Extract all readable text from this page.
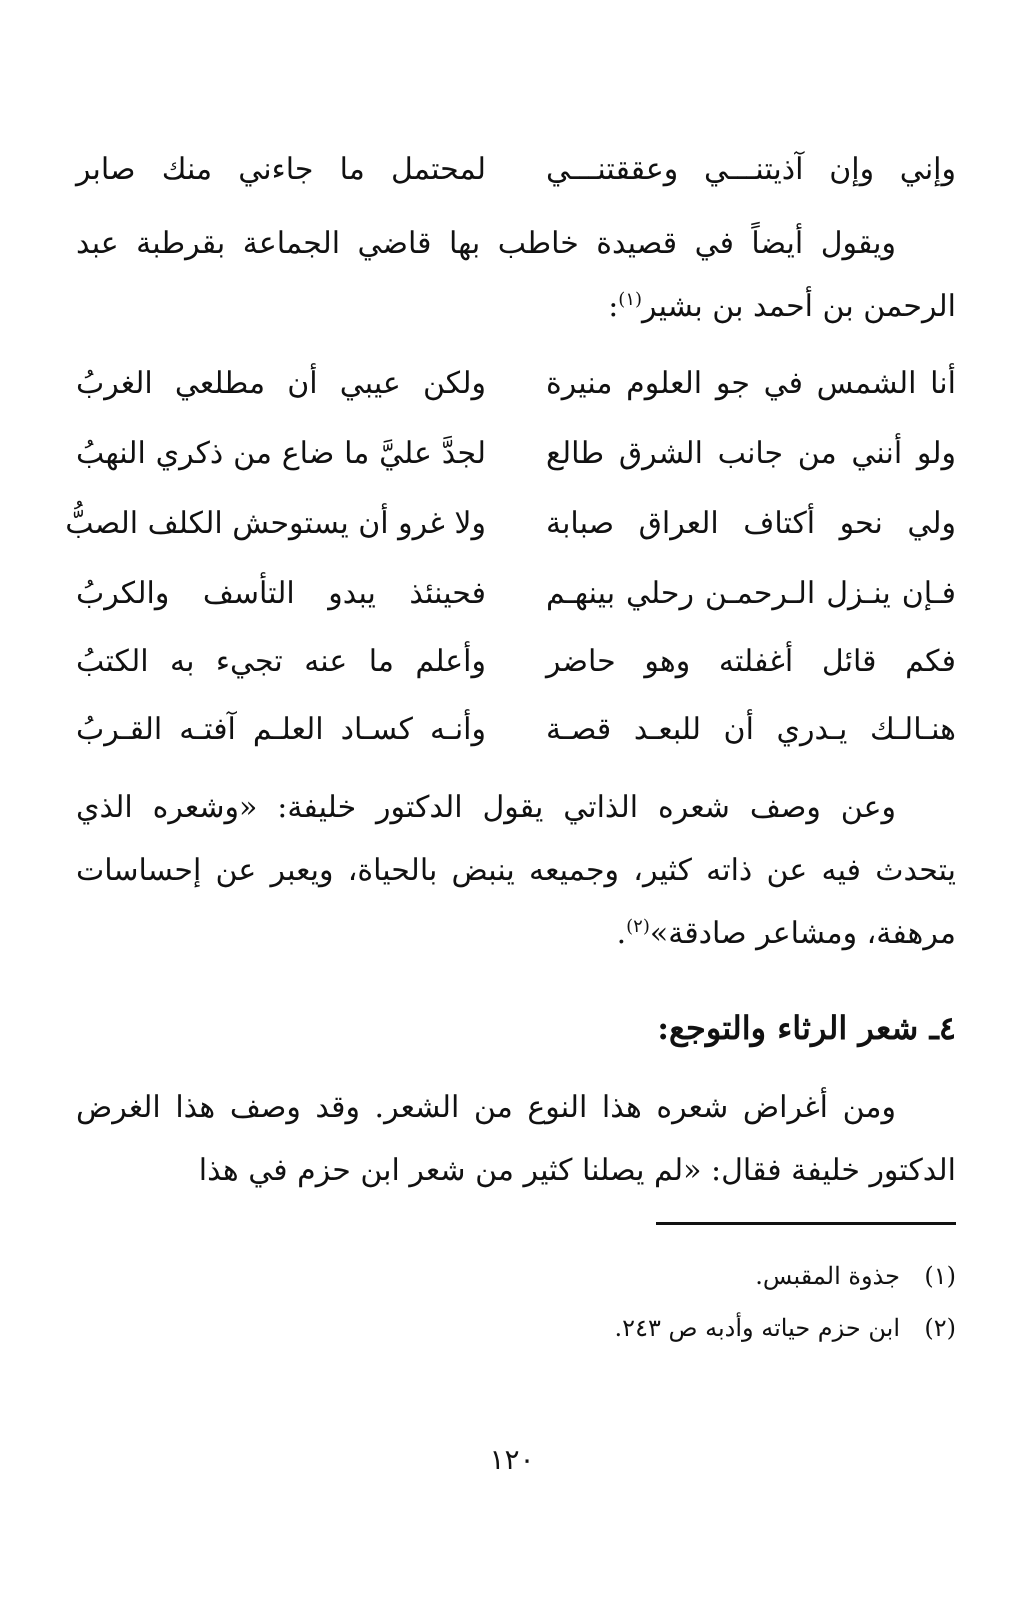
وإني وإن آذيتنـــي وعققتنـــي
لمحتمل ما جاءني منك صابر

ويقول أيضاً في قصيدة خاطب بها قاضي الجماعة بقرطبة عبد الرحمن بن أحمد بن بشير$^{(١)}$:

أنا الشمس في جو العلوم منيرة
ولكن عيبي أن مطلعي الغربُ
ولو أنني من جانب الشرق طالع
لجدَّ عليَّ ما ضاع من ذكري النهبُ
ولي نحو أكتاف العراق صبابة
ولا غرو أن يستوحش الكلف الصبُّ
فـإن ينـزل الـرحمـن رحلي بينهـم
فحينئذ يبدو التأسف والكربُ
فكم قائل أغفلته وهو حاضر
وأعلم ما عنه تجيء به الكتبُ
هنـالـك يـدري أن للبعـد قصـة
وأنـه كسـاد العلـم آفتـه القـربُ

وعن وصف شعره الذاتي يقول الدكتور خليفة: «وشعره الذي يتحدث فيه عن ذاته كثير، وجميعه ينبض بالحياة، ويعبر عن إحساسات مرهفة، ومشاعر صادقة»$^{(٢)}$.

٤ـ شعر الرثاء والتوجع:

ومن أغراض شعره هذا النوع من الشعر. وقد وصف هذا الغرض الدكتور خليفة فقال: «لم يصلنا كثير من شعر ابن حزم في هذا

(١)جذوة المقبس.
(٢)ابن حزم حياته وأدبه ص ٢٤٣.
١٢٠
